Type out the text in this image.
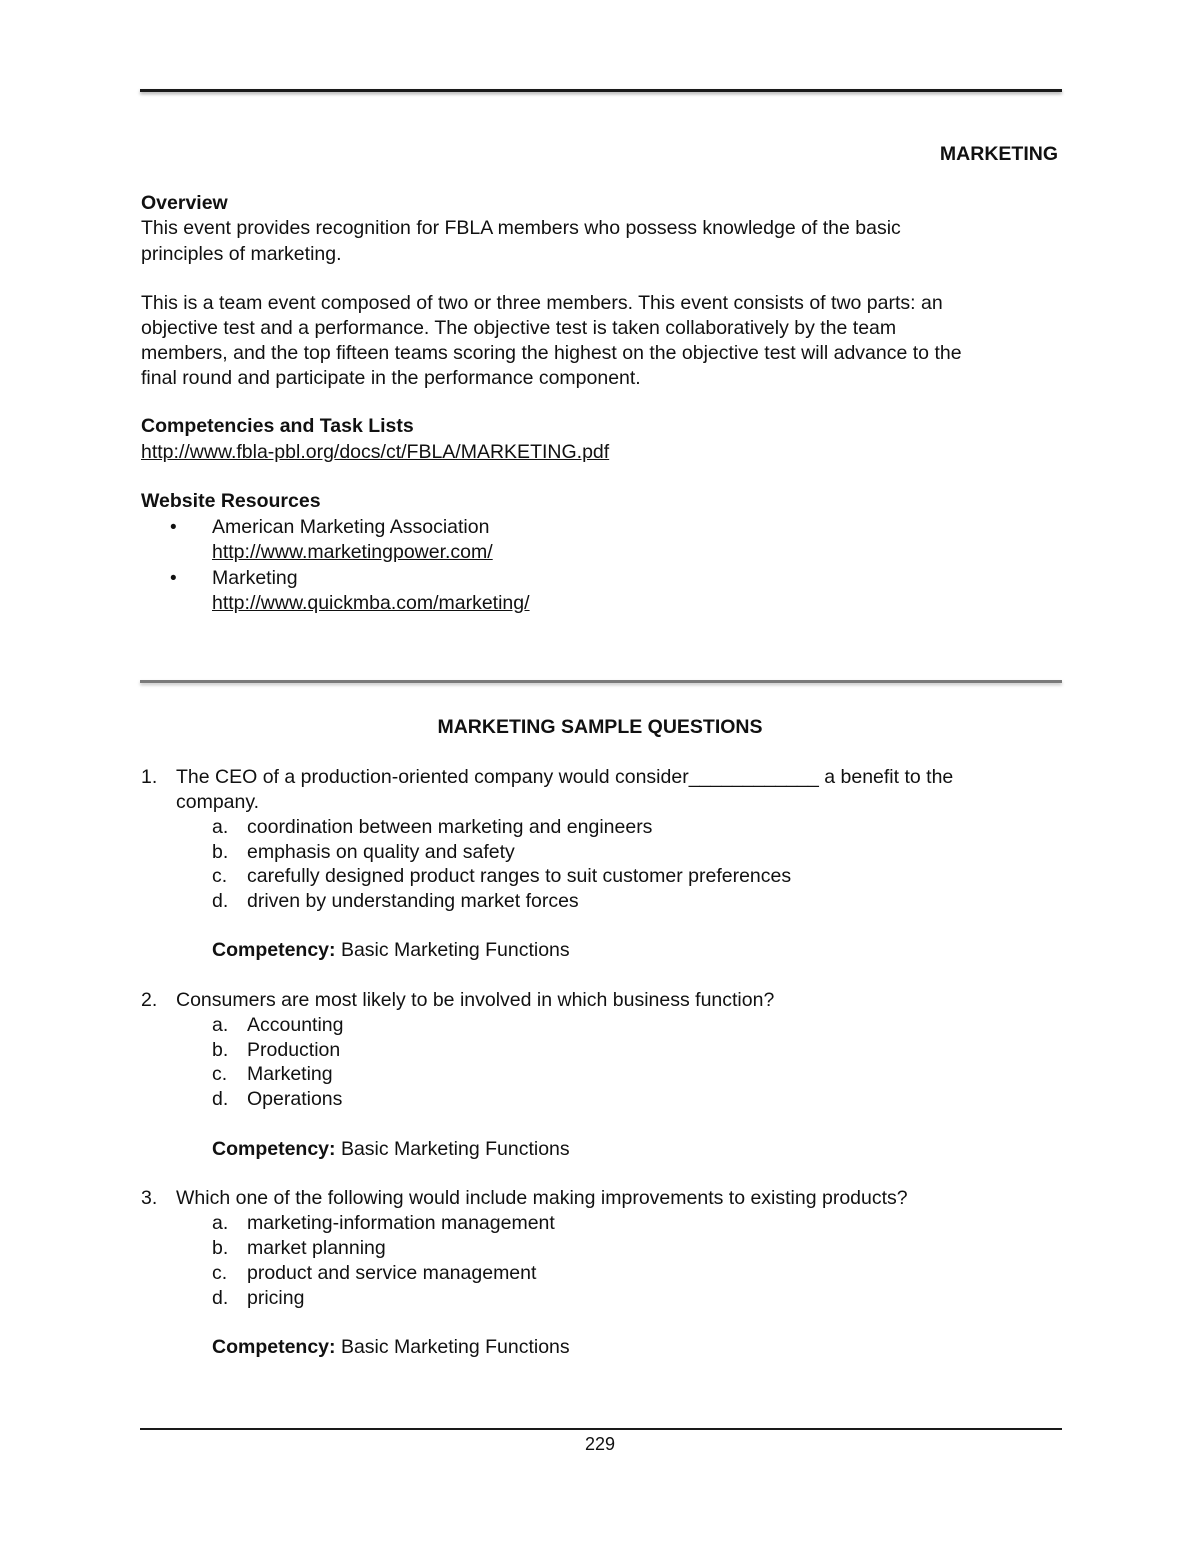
MARKETING
Overview
This event provides recognition for FBLA members who possess knowledge of the basic
principles of marketing.
This is a team event composed of two or three members. This event consists of two parts: an
objective test and a performance. The objective test is taken collaboratively by the team
members, and the top fifteen teams scoring the highest on the objective test will advance to the
final round and participate in the performance component.
Competencies and Task Lists
http://www.fbla-pbl.org/docs/ct/FBLA/MARKETING.pdf
Website Resources
• American Marketing Association
http://www.marketingpower.com/
• Marketing
http://www.quickmba.com/marketing/
MARKETING SAMPLE QUESTIONS
1. The CEO of a production-oriented company would consider____________ a benefit to the
company.
a. coordination between marketing and engineers
b. emphasis on quality and safety
c. carefully designed product ranges to suit customer preferences
d. driven by understanding market forces
Competency: Basic Marketing Functions
2. Consumers are most likely to be involved in which business function?
a. Accounting
b. Production
c. Marketing
d. Operations
Competency: Basic Marketing Functions
3. Which one of the following would include making improvements to existing products?
a. marketing-information management
b. market planning
c. product and service management
d. pricing
Competency: Basic Marketing Functions
229
